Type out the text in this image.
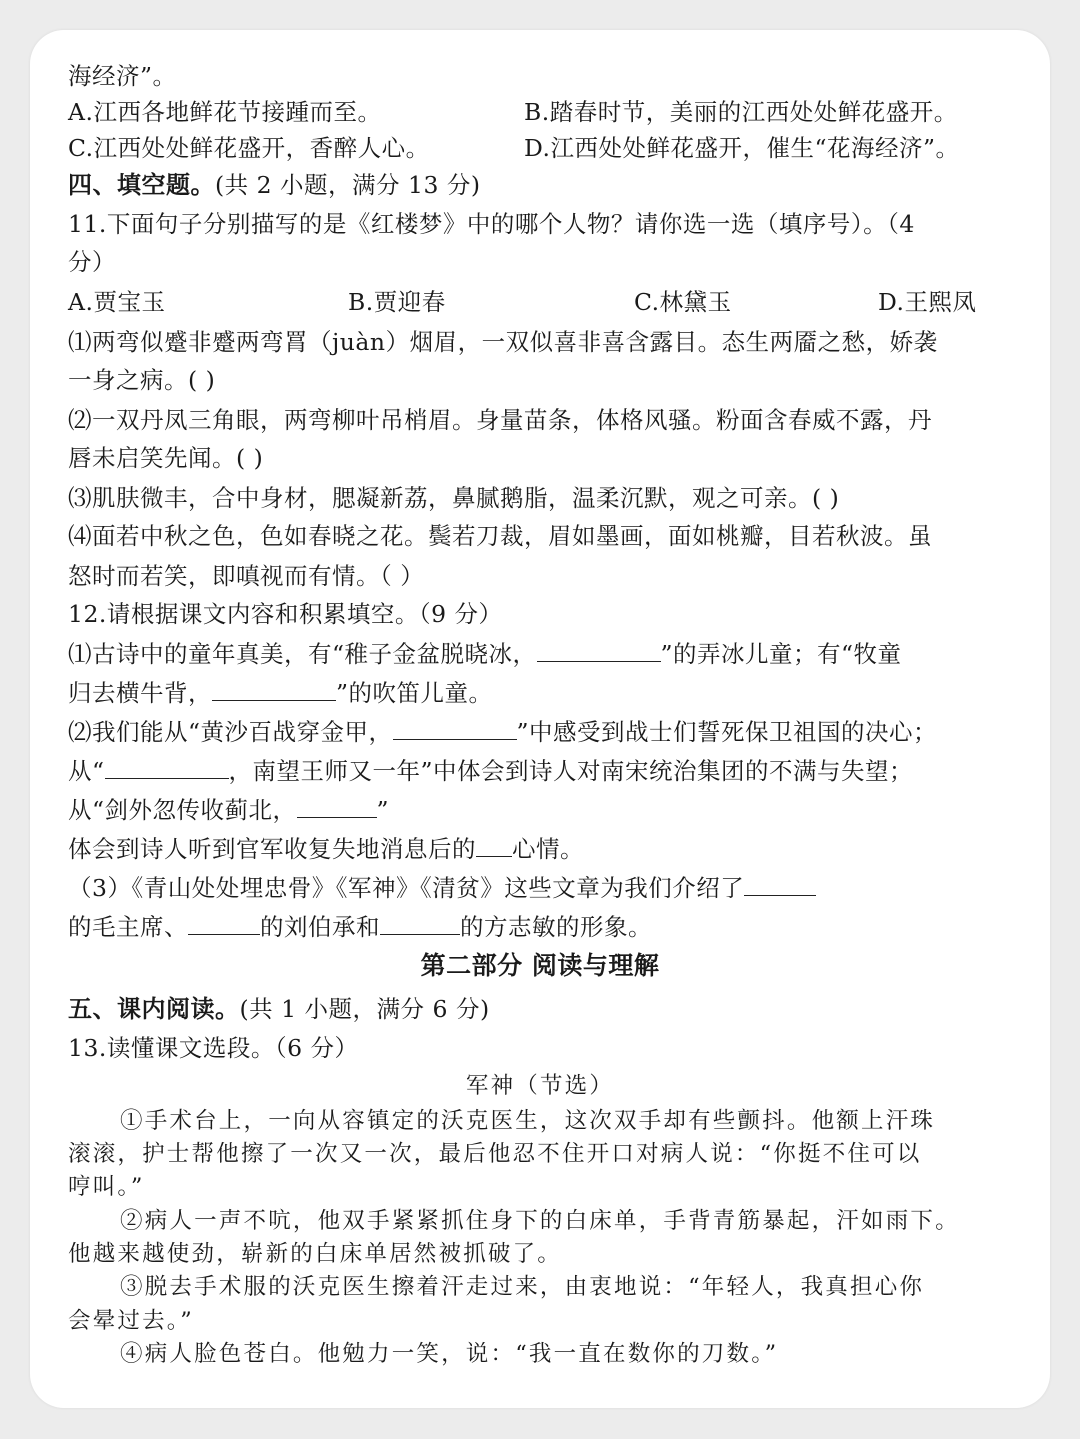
海经济”。
A.江西各地鲜花节接踵而至。	B.踏春时节，美丽的江西处处鲜花盛开。
C.江西处处鲜花盛开，香醉人心。	D.江西处处鲜花盛开，催生“花海经济”。
四、填空题。(共 2 小题，满分 13 分)
11.下面句子分别描写的是《红楼梦》中的哪个人物？请你选一选（填序号）。（4
分）
A.贾宝玉	B.贾迎春	C.林黛玉	D.王熙凤
⑴两弯似蹙非蹙两弯罥（juàn）烟眉，一双似喜非喜含露目。态生两靥之愁，娇袭
一身之病。( )
⑵一双丹凤三角眼，两弯柳叶吊梢眉。身量苗条，体格风骚。粉面含春威不露，丹
唇未启笑先闻。( )
⑶肌肤微丰，合中身材，腮凝新荔，鼻腻鹅脂，温柔沉默，观之可亲。( )
⑷面若中秋之色，色如春晓之花。鬓若刀裁，眉如墨画，面如桃瓣，目若秋波。虽
怒时而若笑，即嗔视而有情。（ ）
12.请根据课文内容和积累填空。（9 分）
⑴古诗中的童年真美，有“稚子金盆脱晓冰，	”的弄冰儿童；有“牧童
归去横牛背，	”的吹笛儿童。
⑵我们能从“黄沙百战穿金甲，	”中感受到战士们誓死保卫祖国的决心；
从“	，南望王师又一年”中体会到诗人对南宋统治集团的不满与失望；
从“剑外忽传收蓟北，	”
体会到诗人听到官军收复失地消息后的 心情。
（3）《青山处处埋忠骨》《军神》《清贫》这些文章为我们介绍了
的毛主席、	的刘伯承和	的方志敏的形象。
第二部分 阅读与理解
五、课内阅读。(共 1 小题，满分 6 分)
13.读懂课文选段。（6 分）
军神（节选）
①手术台上，一向从容镇定的沃克医生，这次双手却有些颤抖。他额上汗珠
滚滚，护士帮他擦了一次又一次，最后他忍不住开口对病人说：“你挺不住可以
哼叫。”
②病人一声不吭，他双手紧紧抓住身下的白床单，手背青筋暴起，汗如雨下。
他越来越使劲，崭新的白床单居然被抓破了。
③脱去手术服的沃克医生擦着汗走过来，由衷地说：“年轻人，我真担心你
会晕过去。”
④病人脸色苍白。他勉力一笑，说：“我一直在数你的刀数。”
